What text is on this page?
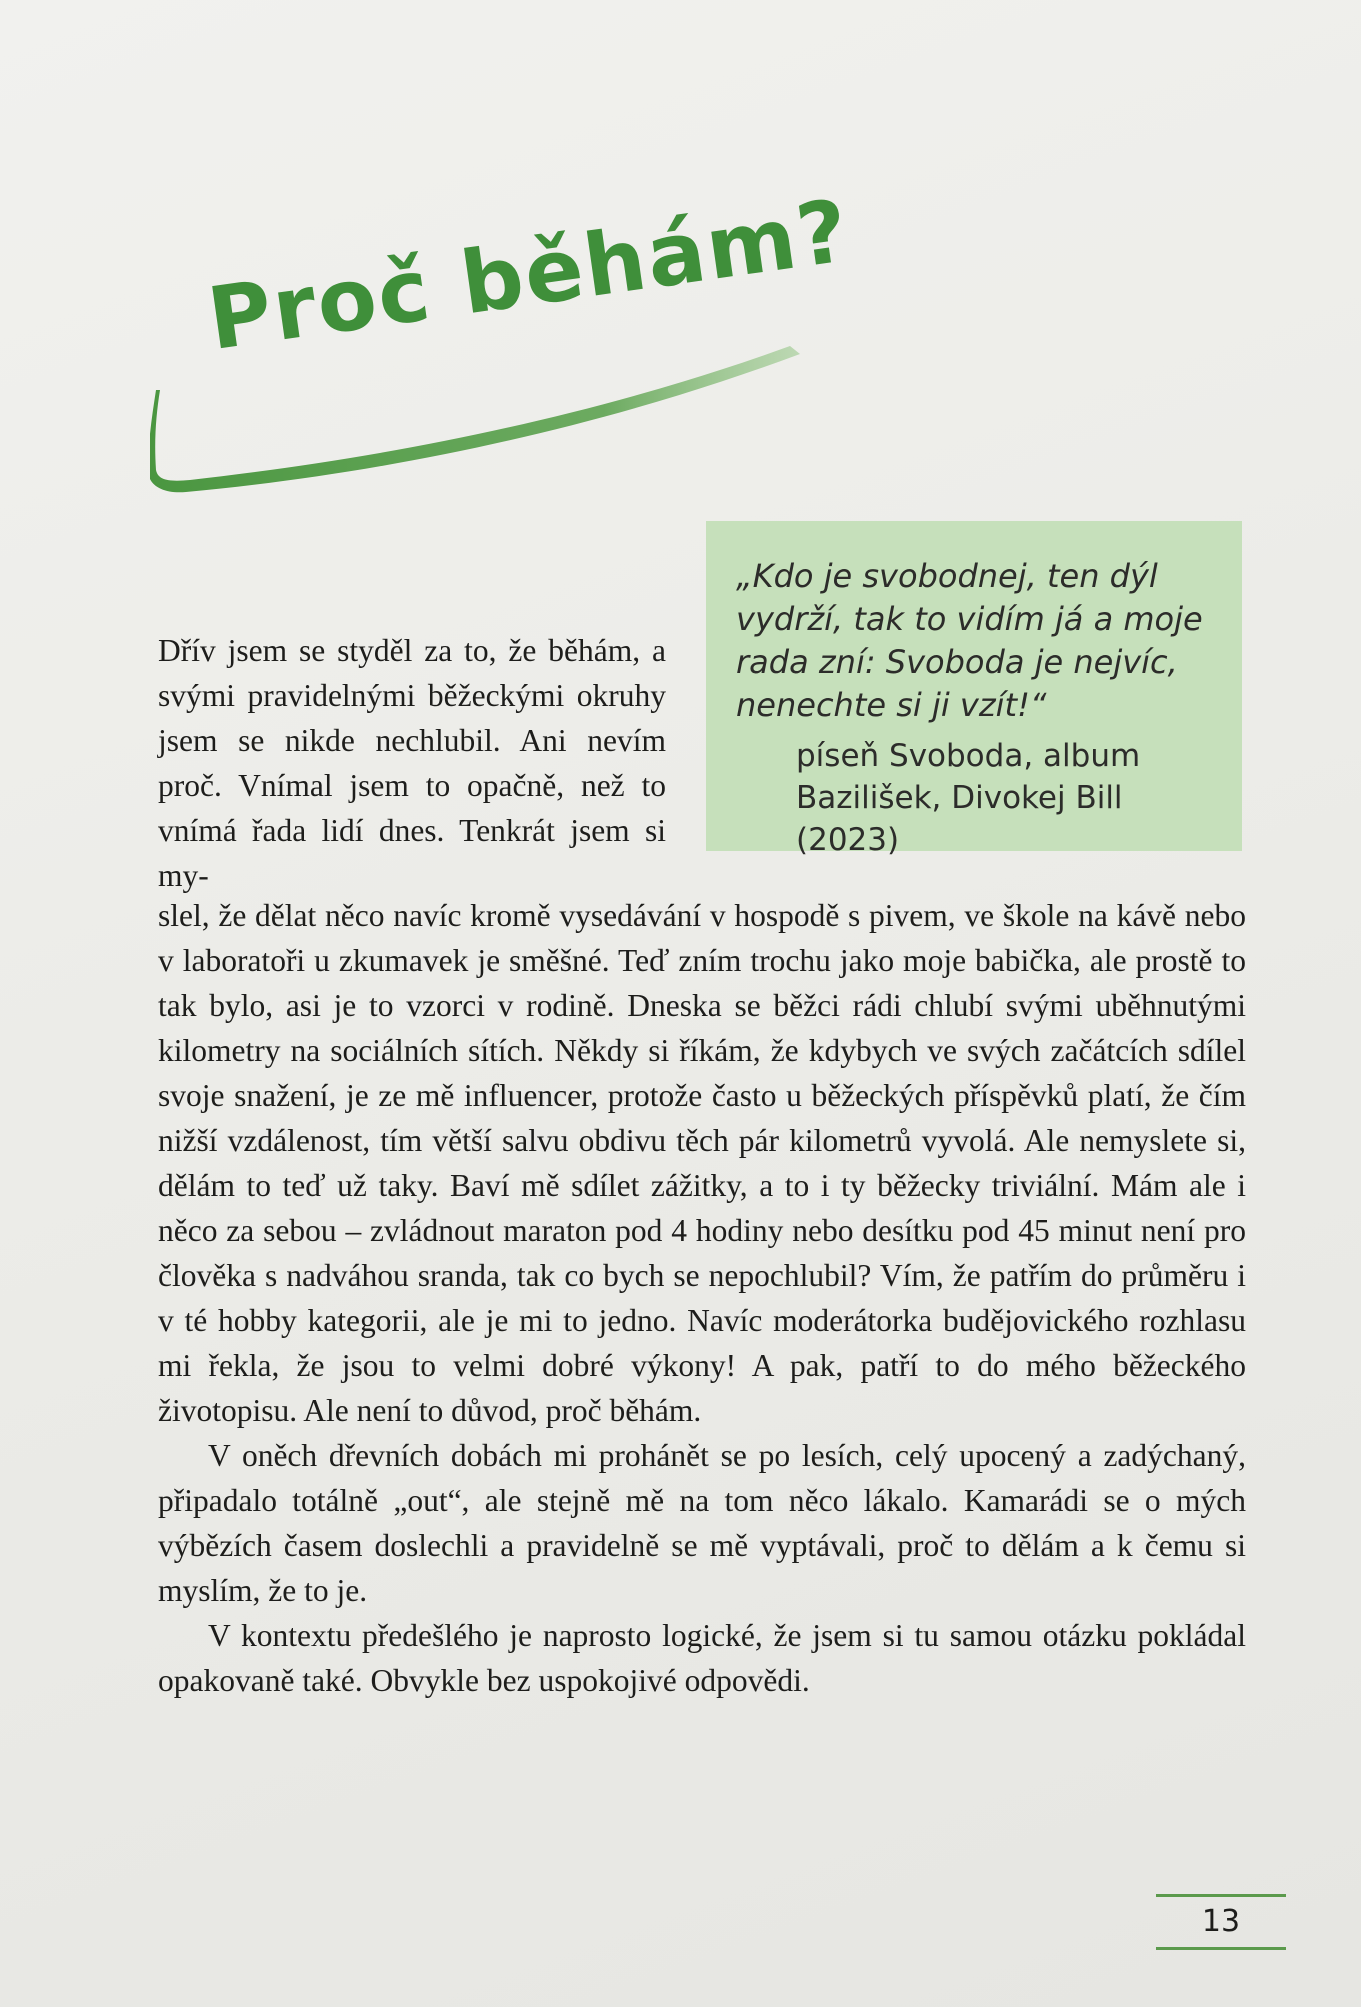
Proč běhám?

„Kdo je svobodnej, ten dýl vydrží, tak to vidím já a moje rada zní: Svoboda je nejvíc, nenechte si ji vzít!“

píseň Svoboda, album
Bazilišek, Divokej Bill (2023)

Dřív jsem se styděl za to, že běhám, a svými pravidelnými běžeckými okruhy jsem se nikde nechlubil. Ani nevím proč. Vnímal jsem to opačně, než to vnímá řada lidí dnes. Tenkrát jsem si my-

slel, že dělat něco navíc kromě vysedávání v hospodě s pivem, ve škole na kávě nebo v laboratoři u zkumavek je směšné. Teď zním trochu jako moje babička, ale prostě to tak bylo, asi je to vzorci v rodině. Dneska se běžci rádi chlubí svými uběhnutými kilometry na sociálních sítích. Někdy si říkám, že kdybych ve svých začátcích sdílel svoje snažení, je ze mě influencer, protože často u běžeckých příspěvků platí, že čím nižší vzdálenost, tím větší salvu obdivu těch pár kilometrů vyvolá. Ale nemyslete si, dělám to teď už taky. Baví mě sdílet zážitky, a to i ty běžecky triviální. Mám ale i něco za sebou – zvládnout maraton pod 4 hodiny nebo desítku pod 45 minut není pro člověka s nadváhou sranda, tak co bych se nepochlubil? Vím, že patřím do průměru i v té hobby kategorii, ale je mi to jedno. Navíc moderátorka budějovického rozhlasu mi řekla, že jsou to velmi dobré výkony! A pak, patří to do mého běžeckého životopisu. Ale není to důvod, proč běhám.

V oněch dřevních dobách mi prohánět se po lesích, celý upocený a zadýchaný, připadalo totálně „out“, ale stejně mě na tom něco lákalo. Kamarádi se o mých výbězích časem doslechli a pravidelně se mě vyptávali, proč to dělám a k čemu si myslím, že to je.

V kontextu předešlého je naprosto logické, že jsem si tu samou otázku pokládal opakovaně také. Obvykle bez uspokojivé odpovědi.

13
